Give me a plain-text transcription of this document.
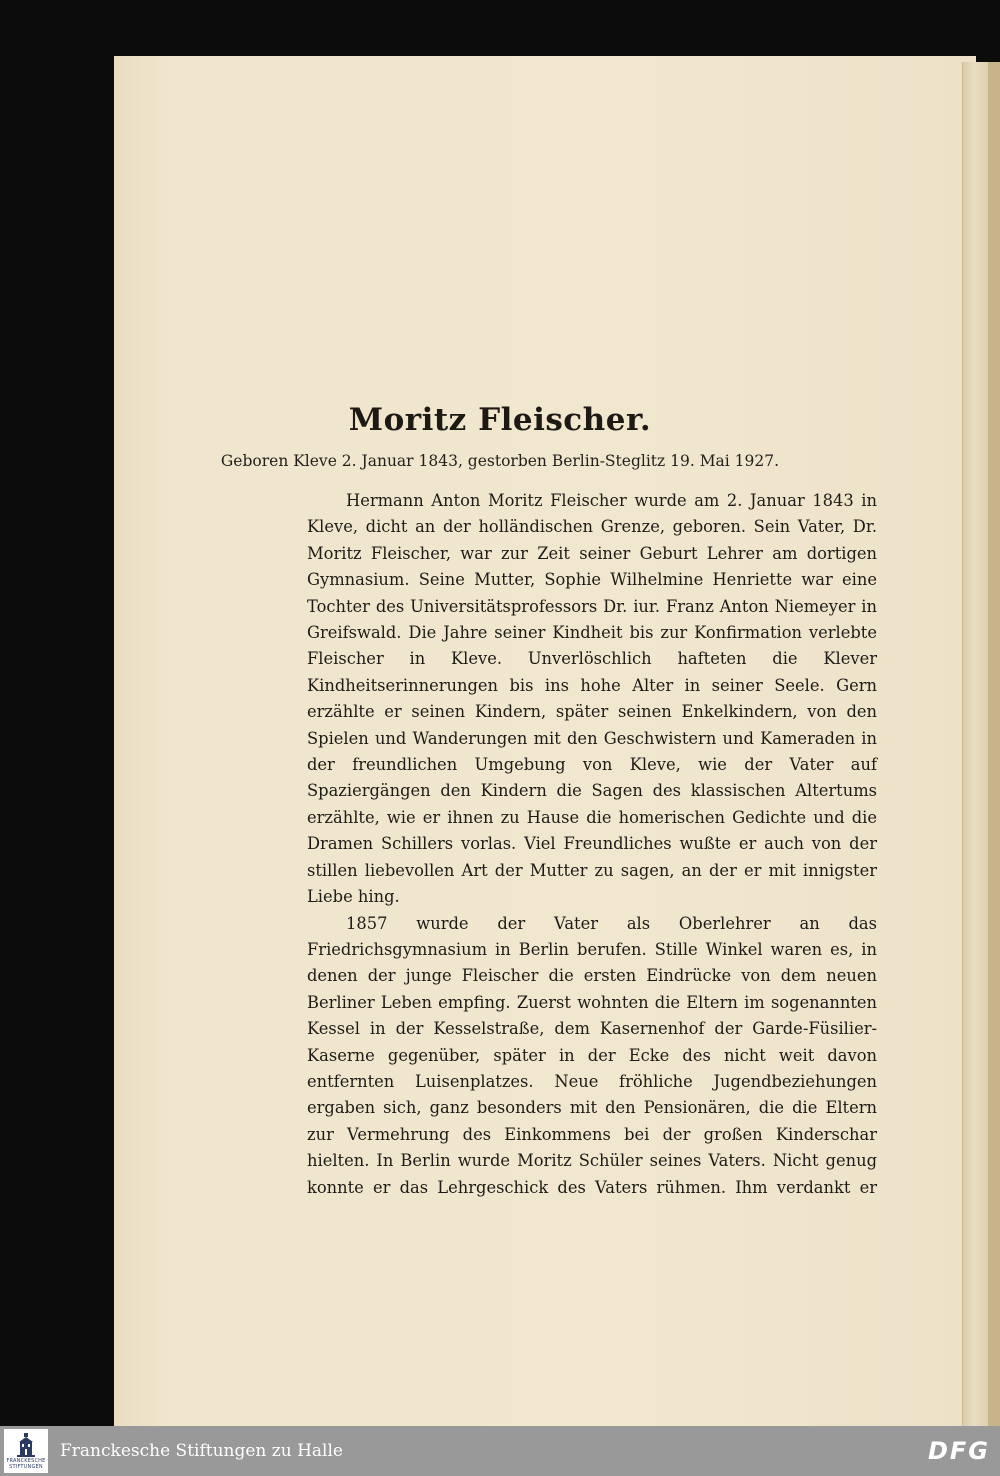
Moritz Fleischer.

Geboren Kleve 2. Januar 1843, gestorben Berlin-Steglitz 19. Mai 1927.

Hermann Anton Moritz Fleischer wurde am 2. Januar 1843 in Kleve, dicht an der holländischen Grenze, geboren. Sein Vater, Dr. Moritz Fleischer, war zur Zeit seiner Geburt Lehrer am dortigen Gymnasium. Seine Mutter, Sophie Wilhelmine Henriette war eine Tochter des Universitätsprofessors Dr. iur. Franz Anton Niemeyer in Greifswald. Die Jahre seiner Kindheit bis zur Konfirmation verlebte Fleischer in Kleve. Unverlöschlich hafteten die Klever Kindheitserinnerungen bis ins hohe Alter in seiner Seele. Gern erzählte er seinen Kindern, später seinen Enkelkindern, von den Spielen und Wanderungen mit den Geschwistern und Kameraden in der freundlichen Umgebung von Kleve, wie der Vater auf Spaziergängen den Kindern die Sagen des klassischen Altertums erzählte, wie er ihnen zu Hause die homerischen Gedichte und die Dramen Schillers vorlas. Viel Freundliches wußte er auch von der stillen liebevollen Art der Mutter zu sagen, an der er mit innigster Liebe hing.

1857 wurde der Vater als Oberlehrer an das Friedrichsgymnasium in Berlin berufen. Stille Winkel waren es, in denen der junge Fleischer die ersten Eindrücke von dem neuen Berliner Leben empfing. Zuerst wohnten die Eltern im sogenannten Kessel in der Kesselstraße, dem Kasernenhof der Garde-Füsilier-Kaserne gegenüber, später in der Ecke des nicht weit davon entfernten Luisenplatzes. Neue fröhliche Jugendbeziehungen ergaben sich, ganz besonders mit den Pensionären, die die Eltern zur Vermehrung des Einkommens bei der großen Kinderschar hielten. In Berlin wurde Moritz Schüler seines Vaters. Nicht genug konnte er das Lehrgeschick des Vaters rühmen. Ihm verdankt er

FRANCKESCHE STIFTUNGEN
Franckesche Stiftungen zu Halle	DFG
